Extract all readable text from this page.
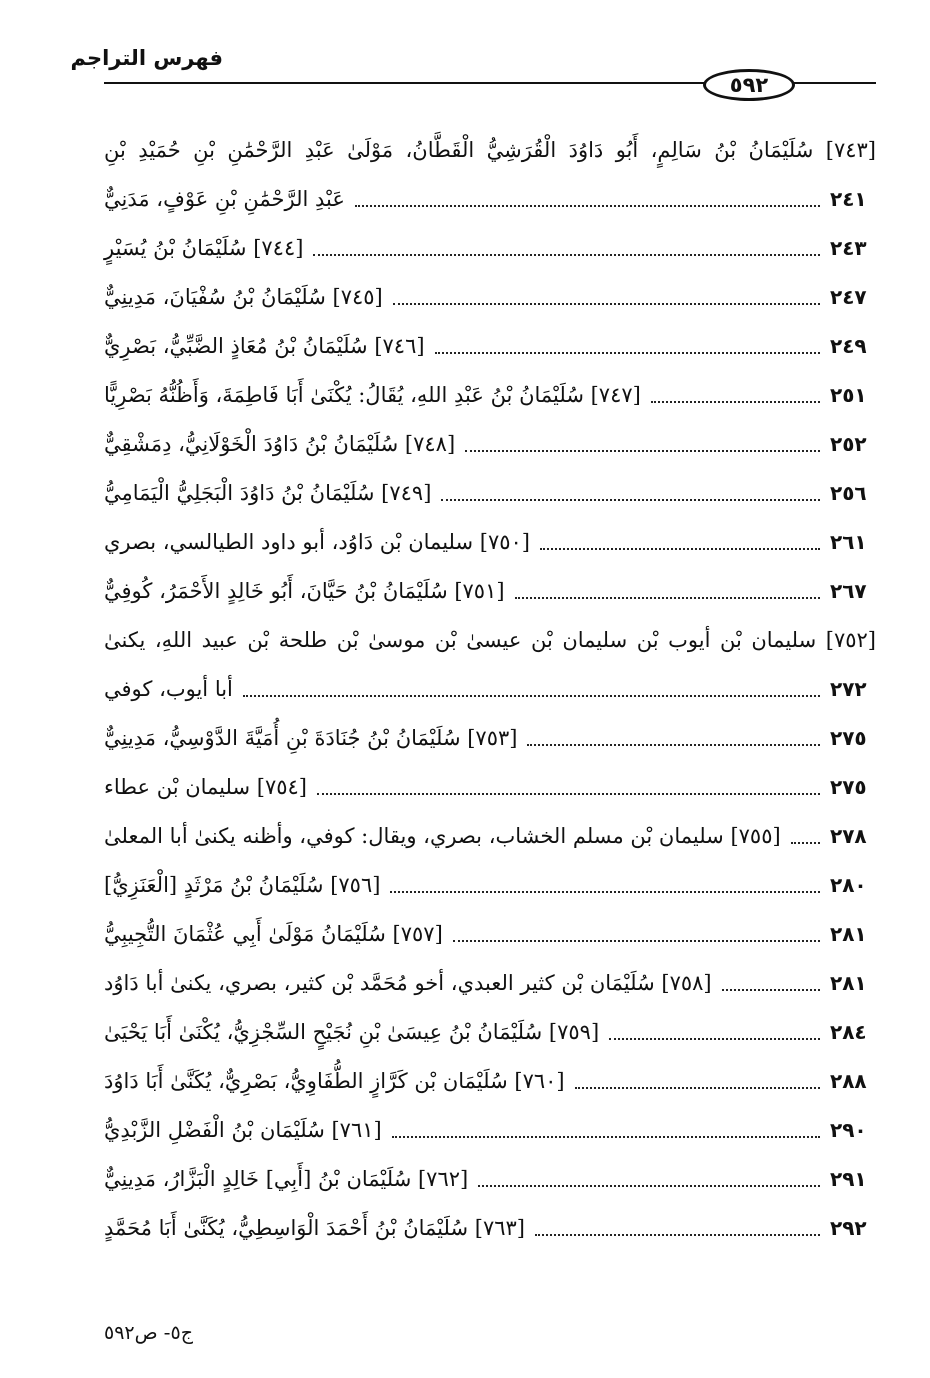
فهرس التراجم
٥٩٢
[٧٤٣] سُلَيْمَانُ بْنُ سَالِمٍ، أَبُو دَاوُدَ الْقُرَشِيُّ الْقَطَّانُ، مَوْلَىٰ عَبْدِ الرَّحْمَٰنِ بْنِ حُمَيْدِ بْنِ
عَبْدِ الرَّحْمَٰنِ بْنِ عَوْفٍ، مَدَنِيٌّ	٢٤١
[٧٤٤] سُلَيْمَانُ بْنُ يُسَيْرٍ	٢٤٣
[٧٤٥] سُلَيْمَانُ بْنُ سُفْيَانَ، مَدِينِيٌّ	٢٤٧
[٧٤٦] سُلَيْمَانُ بْنُ مُعَاذٍ الضَّبِّيُّ، بَصْرِيٌّ	٢٤٩
[٧٤٧] سُلَيْمَانُ بْنُ عَبْدِ اللهِ، يُقَالُ: يُكْنَىٰ أَبَا فَاطِمَةَ، وَأَظُنُّهُ بَصْرِيًّا	٢٥١
[٧٤٨] سُلَيْمَانُ بْنُ دَاوُدَ الْخَوْلَانِيُّ، دِمَشْقِيٌّ	٢٥٢
[٧٤٩] سُلَيْمَانُ بْنُ دَاوُدَ الْبَجَلِيُّ الْيَمَامِيُّ	٢٥٦
[٧٥٠] سليمان بْن دَاوُد، أبو داود الطيالسي، بصري	٢٦١
[٧٥١] سُلَيْمَانُ بْنُ حَيَّانَ، أَبُو خَالِدٍ الأَحْمَرُ، كُوفِيٌّ	٢٦٧
[٧٥٢] سليمان بْن أيوب بْن سليمان بْن عيسىٰ بْن موسىٰ بْن طلحة بْن عبيد اللهِ، يكنىٰ
أبا أيوب، كوفي	٢٧٢
[٧٥٣] سُلَيْمَانُ بْنُ جُنَادَةَ بْنِ أُمَيَّةَ الدَّوْسِيُّ، مَدِينِيٌّ	٢٧٥
[٧٥٤] سليمان بْن عطاء	٢٧٥
[٧٥٥] سليمان بْن مسلم الخشاب، بصري، ويقال: كوفي، وأظنه يكنىٰ أبا المعلىٰ ٢٧٨
[٧٥٦] سُلَيْمَانُ بْنُ مَرْثَدٍ [الْعَنَزِيُّ]	٢٨٠
[٧٥٧] سُلَيْمَانُ مَوْلَىٰ أَبِي عُثْمَانَ التُّجِيبِيُّ	٢٨١
[٧٥٨] سُلَيْمَان بْن كثير العبدي، أخو مُحَمَّد بْن كثير، بصري، يكنىٰ أبا دَاوُد	٢٨١
[٧٥٩] سُلَيْمَانُ بْنُ عِيسَىٰ بْنِ نُجَيْحٍ السِّجْزِيُّ، يُكْنَىٰ أَبَا يَحْيَىٰ	٢٨٤
[٧٦٠] سُلَيْمَان بْن كَرَّازٍ الطُّفَاوِيُّ، بَصْرِيٌّ، يُكَنَّىٰ أَبَا دَاوُدَ	٢٨٨
[٧٦١] سُلَيْمَان بْنُ الْفَضْلِ الزَّبْدِيُّ	٢٩٠
[٧٦٢] سُلَيْمَان بْنُ [أَبِي] خَالِدٍ الْبَزَّارُ، مَدِينِيٌّ	٢٩١
[٧٦٣] سُلَيْمَانُ بْنُ أَحْمَدَ الْوَاسِطِيُّ، يُكَنَّىٰ أَبَا مُحَمَّدٍ	٢٩٢
ج٥- ص٥٩٢
